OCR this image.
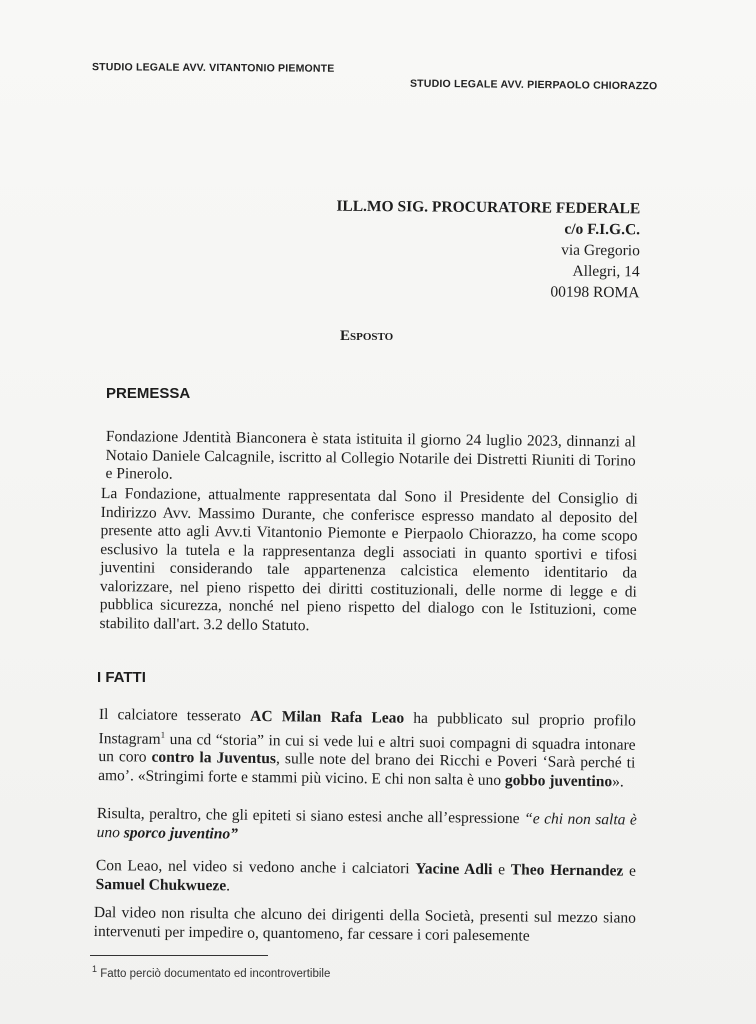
STUDIO LEGALE AVV. VITANTONIO PIEMONTE
STUDIO LEGALE AVV. PIERPAOLO CHIORAZZO
ILL.MO SIG. PROCURATORE FEDERALE
c/o F.I.G.C.
via Gregorio
Allegri, 14
00198 ROMA
Esposto
PREMESSA
Fondazione Jdentità Bianconera è stata istituita il giorno 24 luglio 2023, dinnanzi al Notaio Daniele Calcagnile, iscritto al Collegio Notarile dei Distretti Riuniti di Torino e Pinerolo.
La Fondazione, attualmente rappresentata dal Sono il Presidente del Consiglio di Indirizzo Avv. Massimo Durante, che conferisce espresso mandato al deposito del presente atto agli Avv.ti Vitantonio Piemonte e Pierpaolo Chiorazzo, ha come scopo esclusivo la tutela e la rappresentanza degli associati in quanto sportivi e tifosi juventini considerando tale appartenenza calcistica elemento identitario da valorizzare, nel pieno rispetto dei diritti costituzionali, delle norme di legge e di pubblica sicurezza, nonché nel pieno rispetto del dialogo con le Istituzioni, come stabilito dall'art. 3.2 dello Statuto.
I FATTI
Il calciatore tesserato AC Milan Rafa Leao ha pubblicato sul proprio profilo Instagram$^1$ una cd “storia” in cui si vede lui e altri suoi compagni di squadra intonare un coro contro la Juventus, sulle note del brano dei Ricchi e Poveri ‘Sarà perché ti amo’. «Stringimi forte e stammi più vicino. E chi non salta è uno gobbo juventino».
Risulta, peraltro, che gli epiteti si siano estesi anche all’espressione “e chi non salta è uno sporco juventino”
Con Leao, nel video si vedono anche i calciatori Yacine Adli e Theo Hernandez e Samuel Chukwueze.
Dal video non risulta che alcuno dei dirigenti della Società, presenti sul mezzo siano intervenuti per impedire o, quantomeno, far cessare i cori palesemente
$^1$ Fatto perciò documentato ed incontrovertibile
